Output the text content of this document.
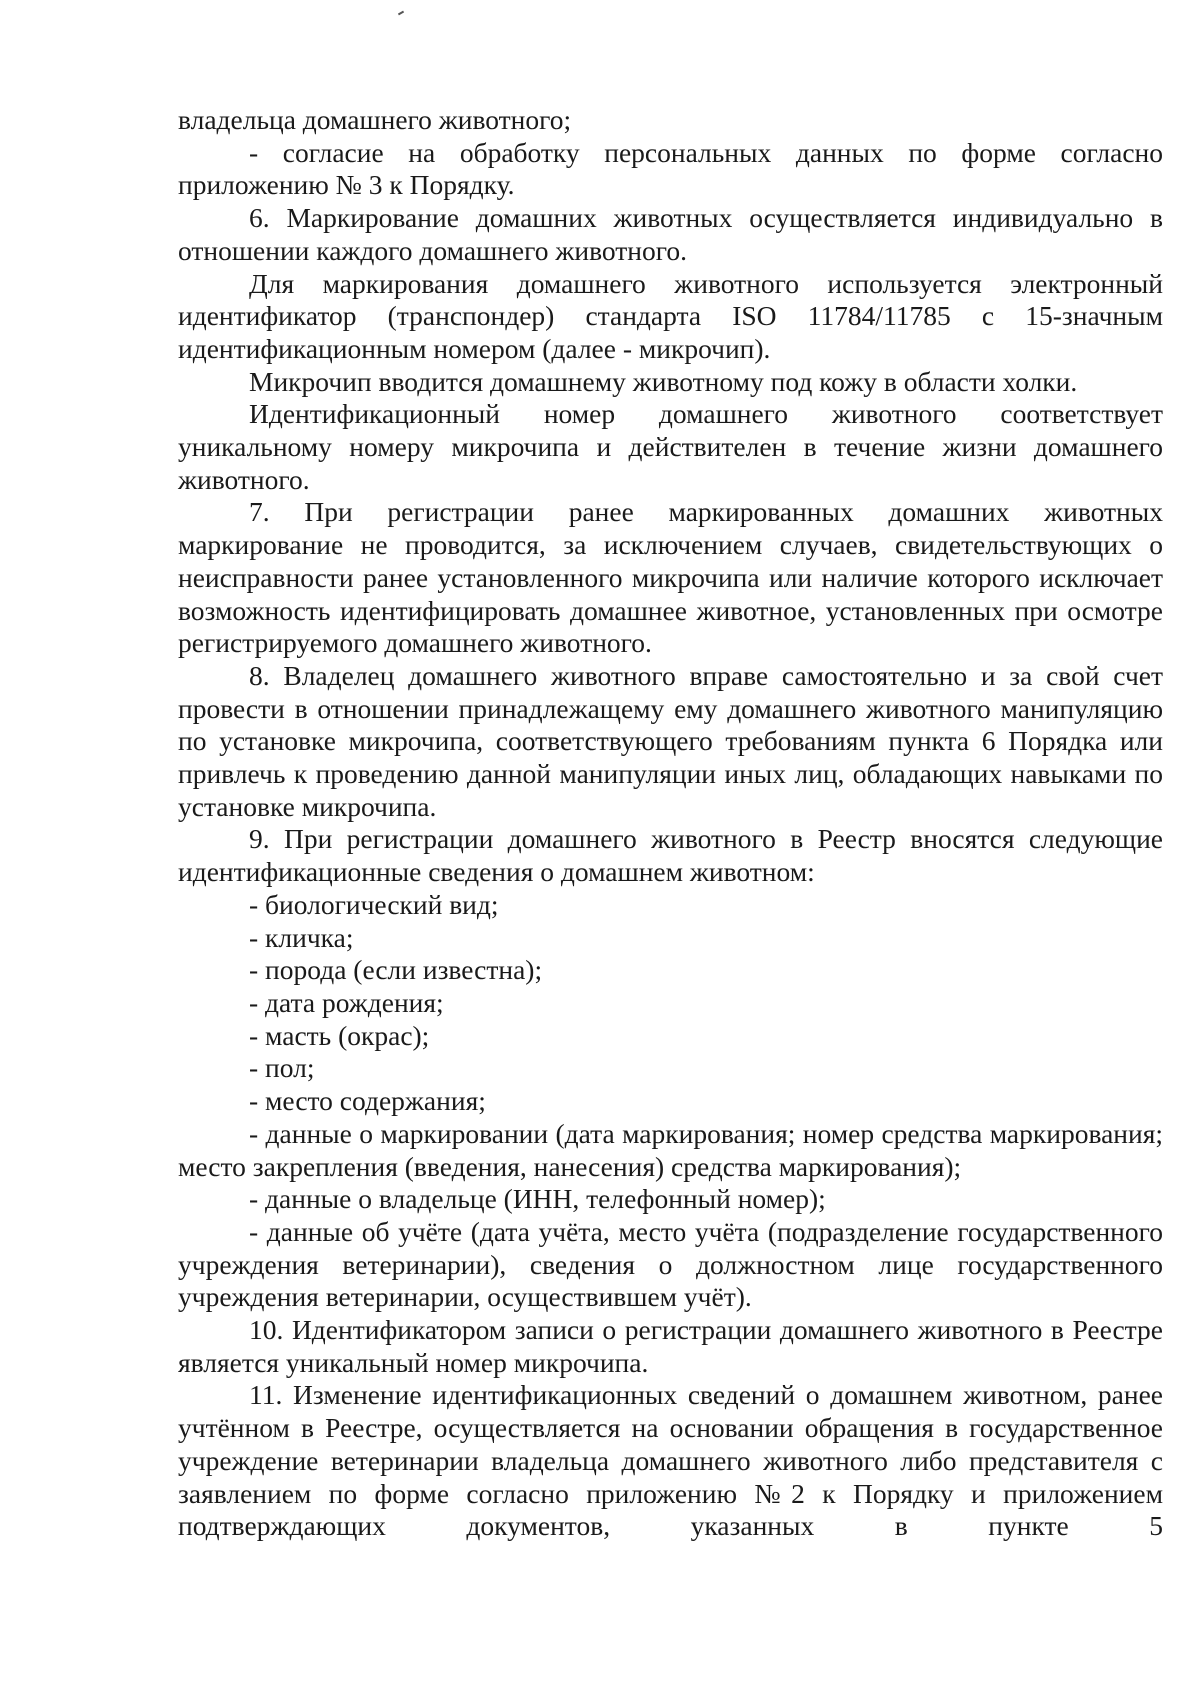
владельца домашнего животного;

- согласие на обработку персональных данных по форме согласно приложению № 3 к Порядку.

6. Маркирование домашних животных осуществляется индивидуально в отношении каждого домашнего животного.

Для маркирования домашнего животного используется электронный идентификатор (транспондер) стандарта ISO 11784/11785 с 15-значным идентификационным номером (далее - микрочип).

Микрочип вводится домашнему животному под кожу в области холки.

Идентификационный номер домашнего животного соответствует уникальному номеру микрочипа и действителен в течение жизни домашнего животного.

7. При регистрации ранее маркированных домашних животных маркирование не проводится, за исключением случаев, свидетельствующих о неисправности ранее установленного микрочипа или наличие которого исключает возможность идентифицировать домашнее животное, установленных при осмотре регистрируемого домашнего животного.

8. Владелец домашнего животного вправе самостоятельно и за свой счет провести в отношении принадлежащему ему домашнего животного манипуляцию по установке микрочипа, соответствующего требованиям пункта 6 Порядка или привлечь к проведению данной манипуляции иных лиц, обладающих навыками по установке микрочипа.

9. При регистрации домашнего животного в Реестр вносятся следующие идентификационные сведения о домашнем животном:

- биологический вид;

- кличка;

- порода (если известна);

- дата рождения;

- масть (окрас);

- пол;

- место содержания;

- данные о маркировании (дата маркирования; номер средства маркирования; место закрепления (введения, нанесения) средства маркирования);

- данные о владельце (ИНН, телефонный номер);

- данные об учёте (дата учёта, место учёта (подразделение государственного учреждения ветеринарии), сведения о должностном лице государственного учреждения ветеринарии, осуществившем учёт).

10. Идентификатором записи о регистрации домашнего животного в Реестре является уникальный номер микрочипа.

11. Изменение идентификационных сведений о домашнем животном, ранее учтённом в Реестре, осуществляется на основании обращения в государственное учреждение ветеринарии владельца домашнего животного либо представителя с заявлением по форме согласно приложению №2 к Порядку и приложением подтверждающих документов, указанных в пункте 5
